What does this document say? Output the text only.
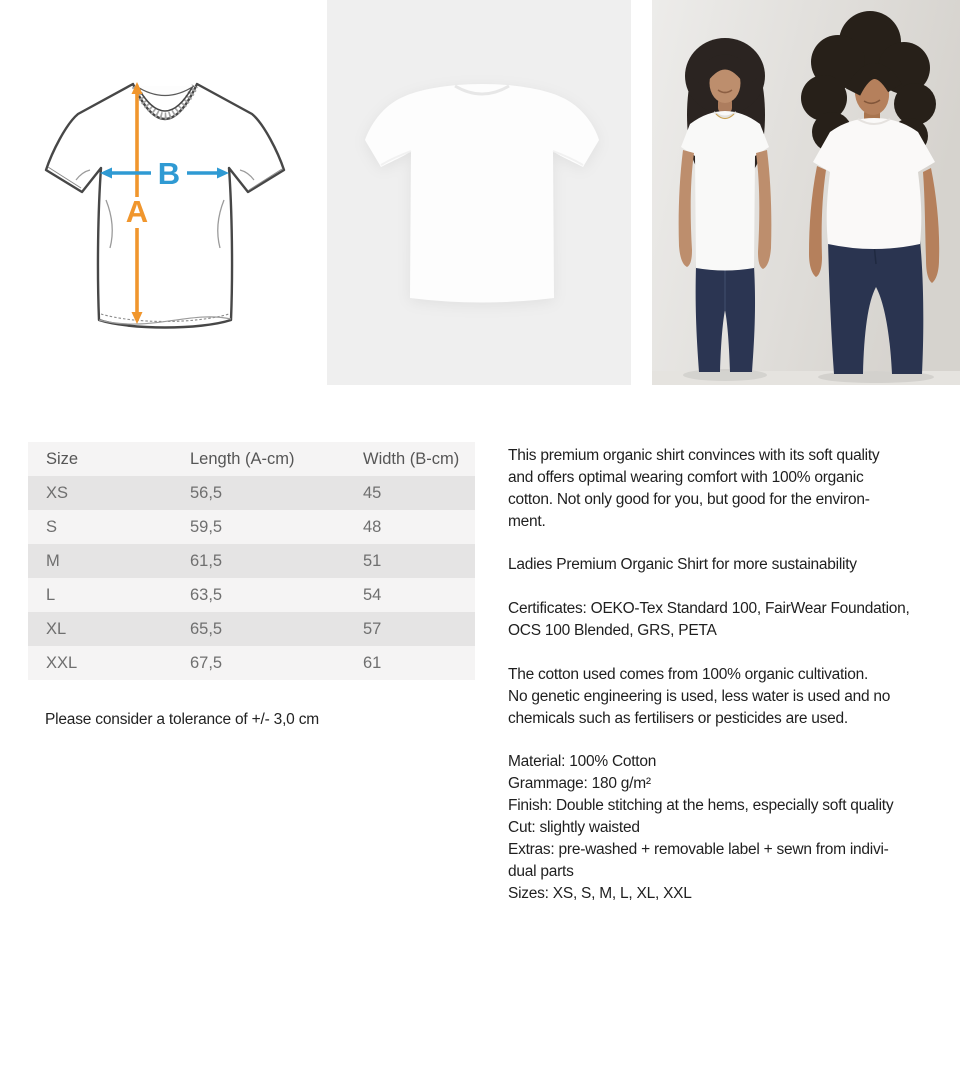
A
B
Size	Length (A-cm)	Width (B-cm)
XS	56,5	45
S	59,5	48
M	61,5	51
L	63,5	54
XL	65,5	57
XXL	67,5	61

Please consider a tolerance of +/- 3,0 cm

This premium organic shirt convinces with its soft quality
and offers optimal wearing comfort with 100% organic
cotton. Not only good for you, but good for the environ-
ment.
Ladies Premium Organic Shirt for more sustainability
Certificates: OEKO-Tex Standard 100, FairWear Foundation,
OCS 100 Blended, GRS, PETA
The cotton used comes from 100% organic cultivation.
No genetic engineering is used, less water is used and no
chemicals such as fertilisers or pesticides are used.
Material: 100% Cotton
Grammage: 180 g/m²
Finish: Double stitching at the hems, especially soft quality
Cut: slightly waisted
Extras: pre-washed + removable label + sewn from indivi-
dual parts
Sizes: XS, S, M, L, XL, XXL
